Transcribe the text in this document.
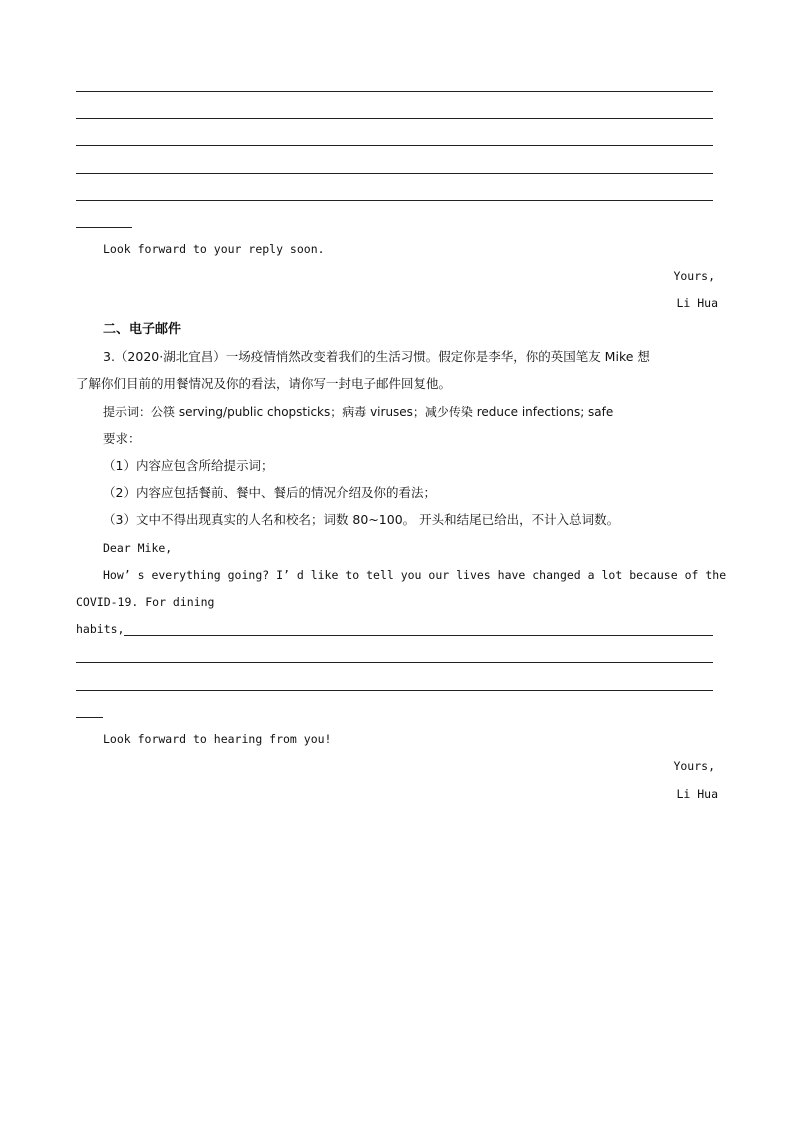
Look forward to your reply soon.
Yours,
Li Hua
二、电子邮件
3.（2020·湖北宜昌）一场疫情悄然改变着我们的生活习惯。假定你是李华，你的英国笔友 Mike 想
了解你们目前的用餐情况及你的看法，请你写一封电子邮件回复他。
提示词：公筷 serving/public chopsticks；病毒 viruses；减少传染 reduce infections; safe
要求：
（1）内容应包含所给提示词；
（2）内容应包括餐前、餐中、餐后的情况介绍及你的看法；
（3）文中不得出现真实的人名和校名；词数 80~100。 开头和结尾已给出，不计入总词数。
Dear Mike,
How’ s everything going? I’ d like to tell you our lives have changed a lot because of the
COVID-19. For dining
habits,
Look forward to hearing from you!
Yours,
Li Hua
